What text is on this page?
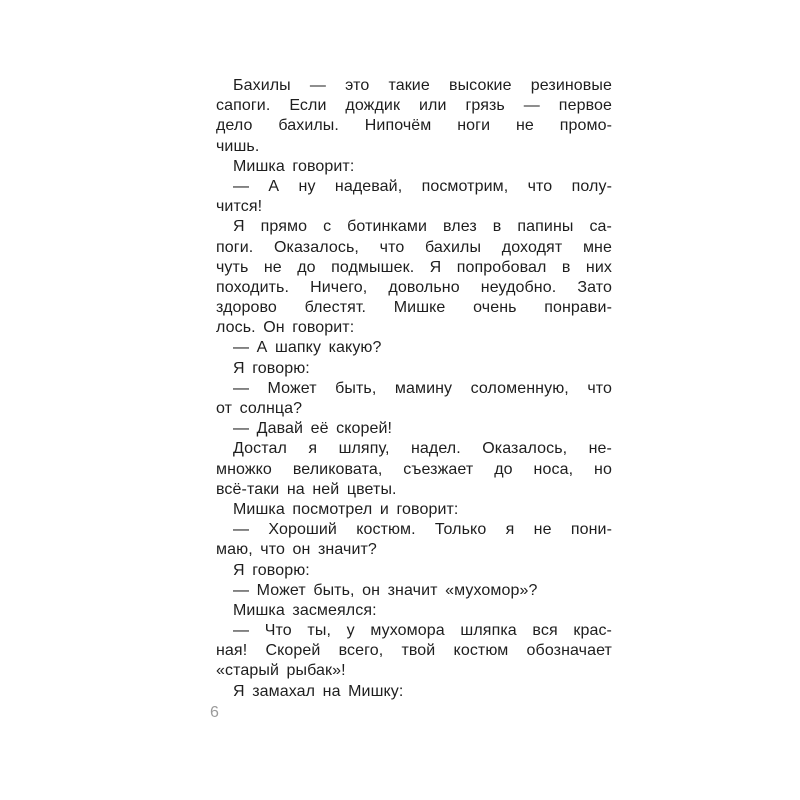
Бахилы — это такие высокие резиновые
сапоги. Если дождик или грязь — первое
дело бахилы. Нипочём ноги не промо-
чишь.
Мишка говорит:
— А ну надевай, посмотрим, что полу-
чится!
Я прямо с ботинками влез в папины са-
поги. Оказалось, что бахилы доходят мне
чуть не до подмышек. Я попробовал в них
походить. Ничего, довольно неудобно. Зато
здорово блестят. Мишке очень понрави-
лось. Он говорит:
— А шапку какую?
Я говорю:
— Может быть, мамину соломенную, что
от солнца?
— Давай её скорей!
Достал я шляпу, надел. Оказалось, не-
множко великовата, съезжает до носа, но
всё-таки на ней цветы.
Мишка посмотрел и говорит:
— Хороший костюм. Только я не пони-
маю, что он значит?
Я говорю:
— Может быть, он значит «мухомор»?
Мишка засмеялся:
— Что ты, у мухомора шляпка вся крас-
ная! Скорей всего, твой костюм обозначает
«старый рыбак»!
Я замахал на Мишку:
6
